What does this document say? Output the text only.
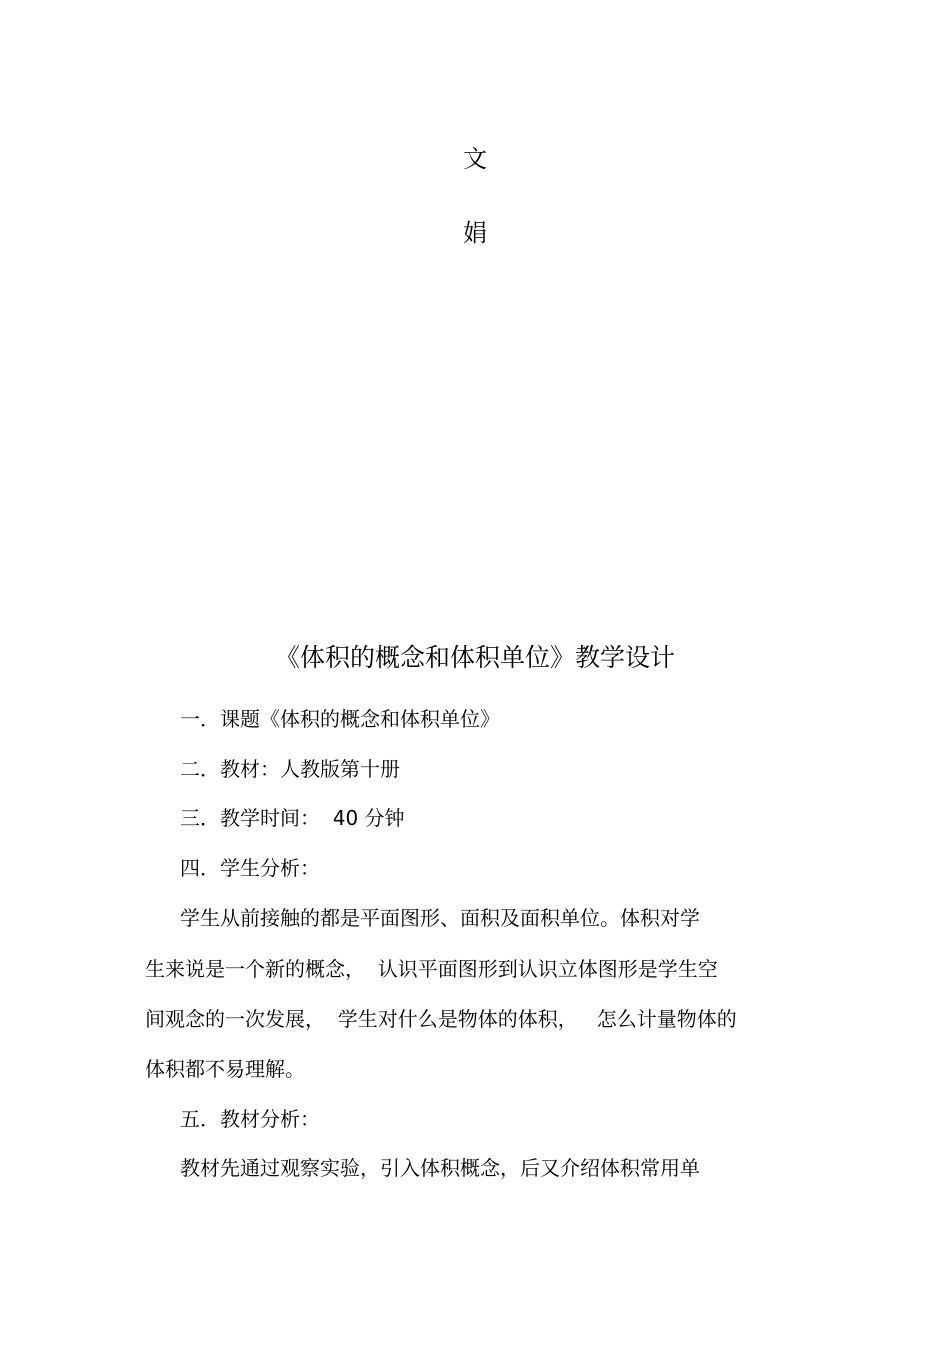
文
娟
《体积的概念和体积单位》教学设计
一．课题《体积的概念和体积单位》
二．教材：人教版第十册
三．教学时间：  40 分钟
四．学生分析：
学生从前接触的都是平面图形、面积及面积单位。体积对学
生来说是一个新的概念，  认识平面图形到认识立体图形是学生空
间观念的一次发展，  学生对什么是物体的体积，   怎么计量物体的
体积都不易理解。
五．教材分析：
教材先通过观察实验，引入体积概念，后又介绍体积常用单
